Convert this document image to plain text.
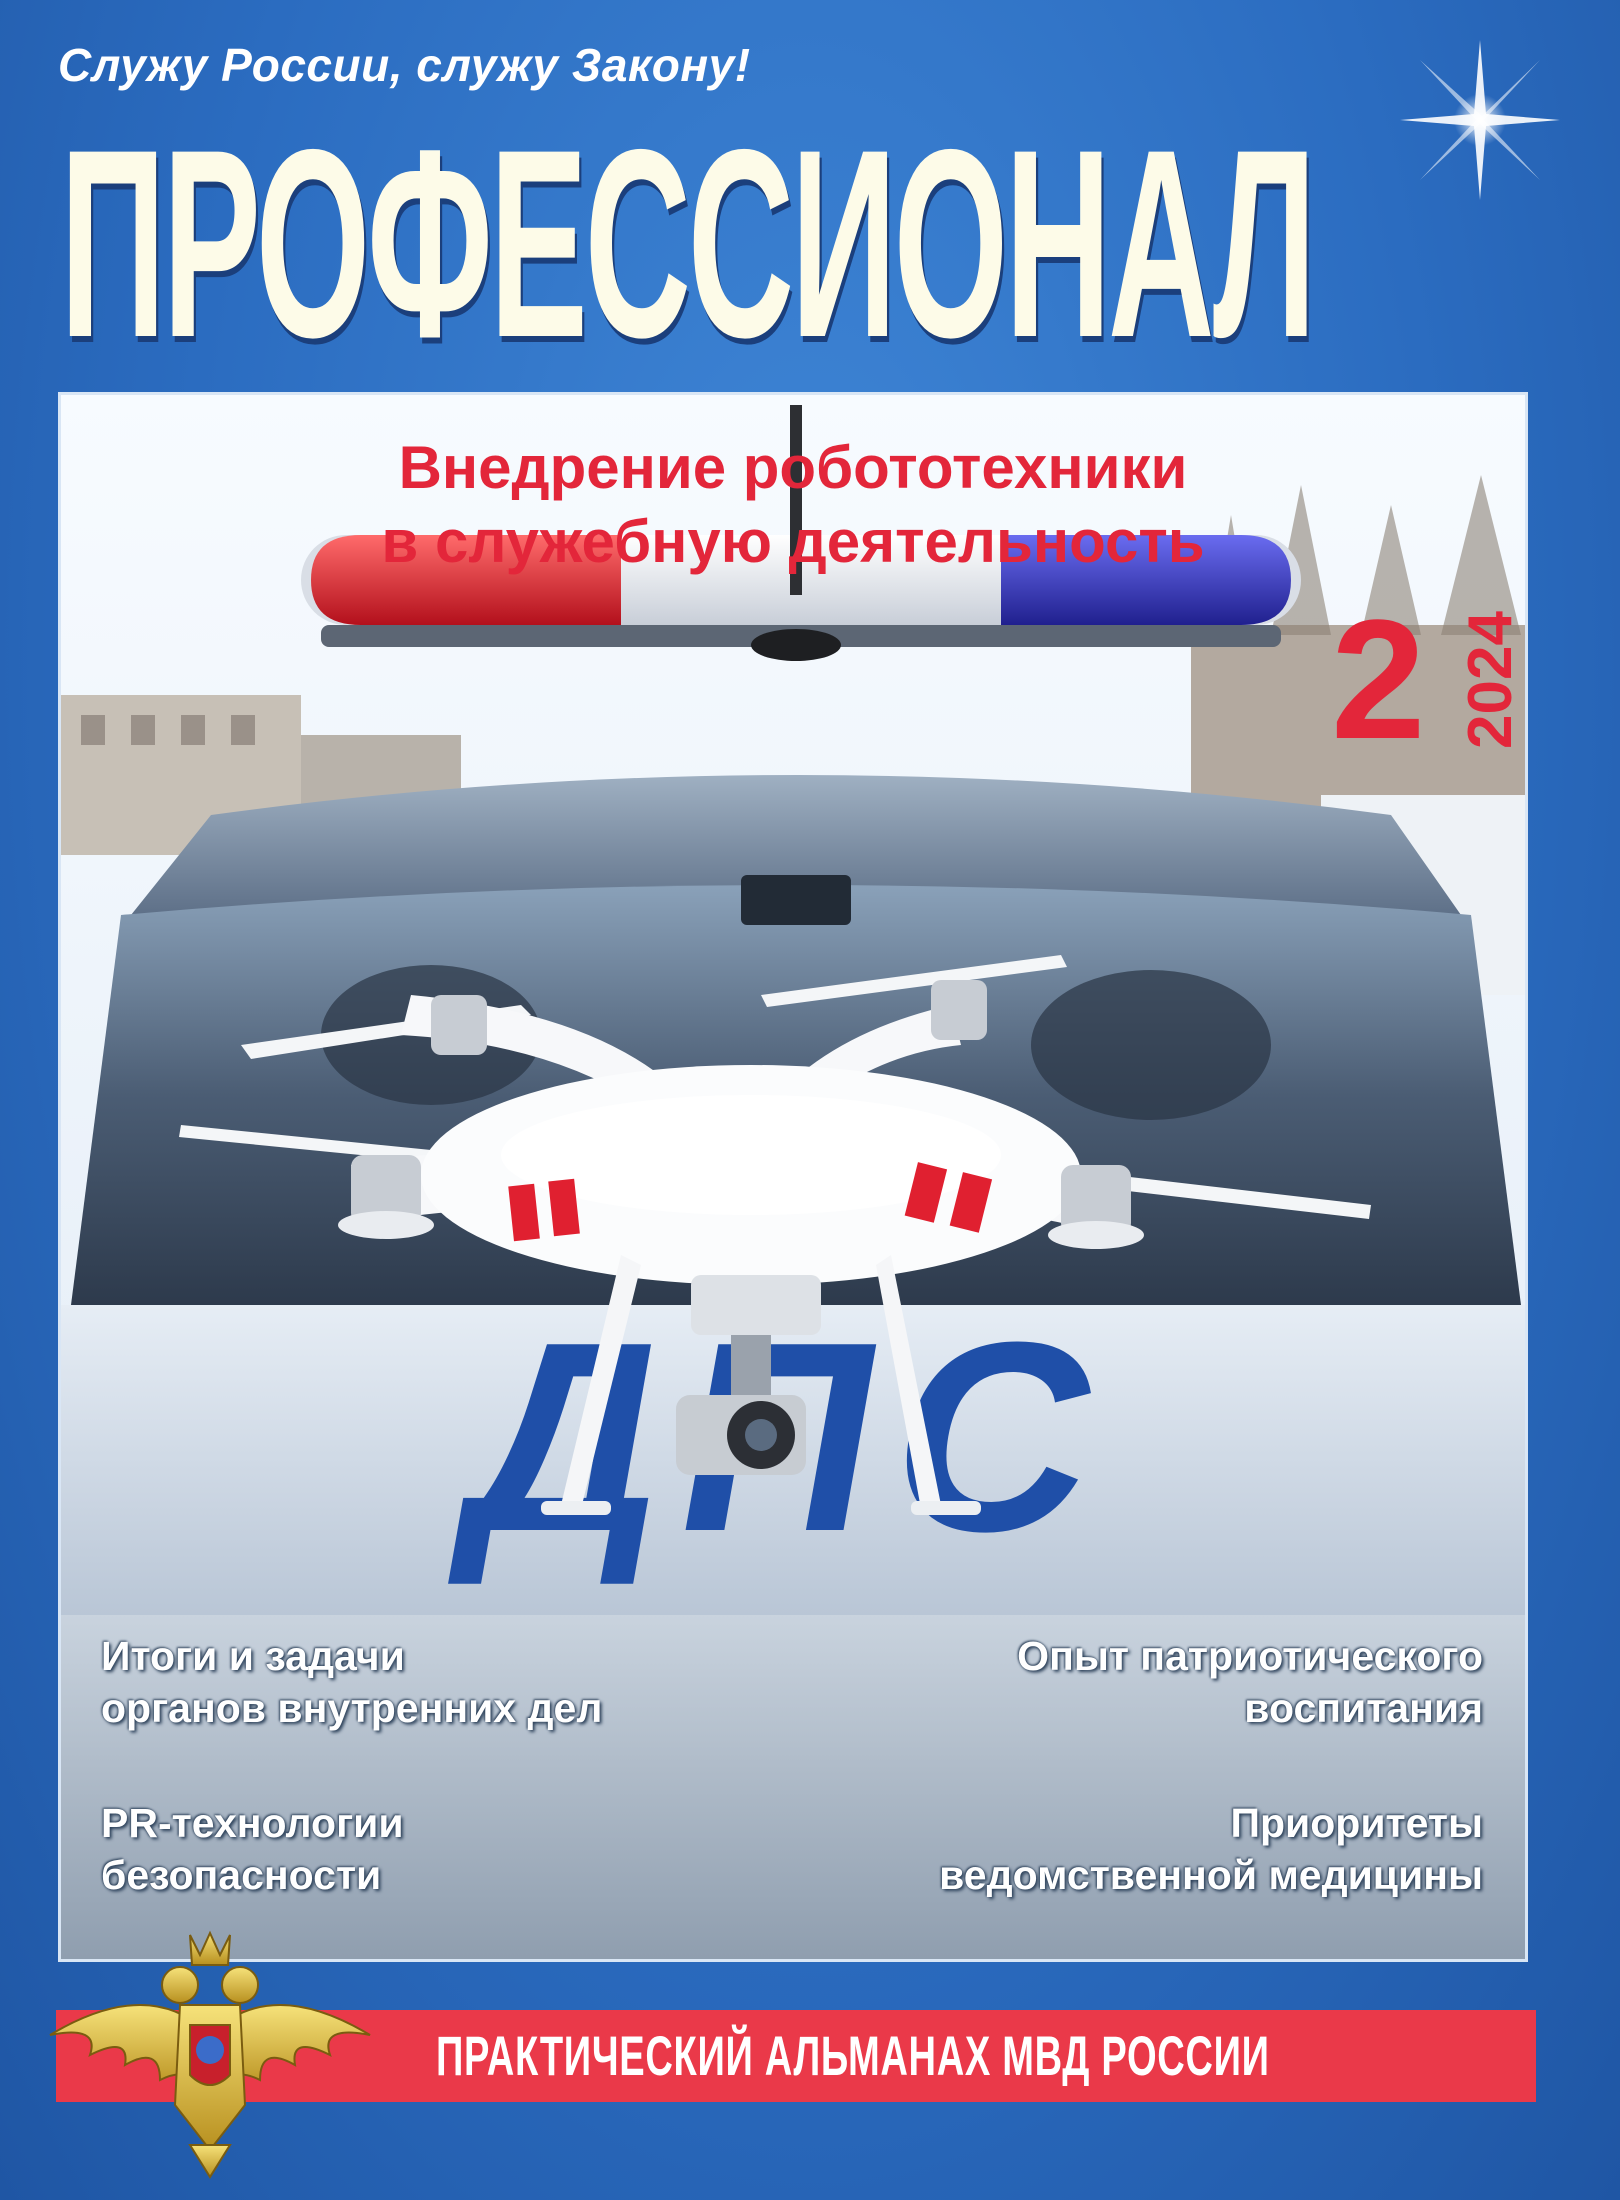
Служу России, служу Закону!
ПРОФЕССИОНАЛ
Внедрение робототехники
в служебную деятельность
2 2024
Итоги и задачи
органов внутренних дел
Опыт патриотического
воспитания
PR-технологии
безопасности
Приоритеты
ведомственной медицины
ПРАКТИЧЕСКИЙ АЛЬМАНАХ МВД РОССИИ
